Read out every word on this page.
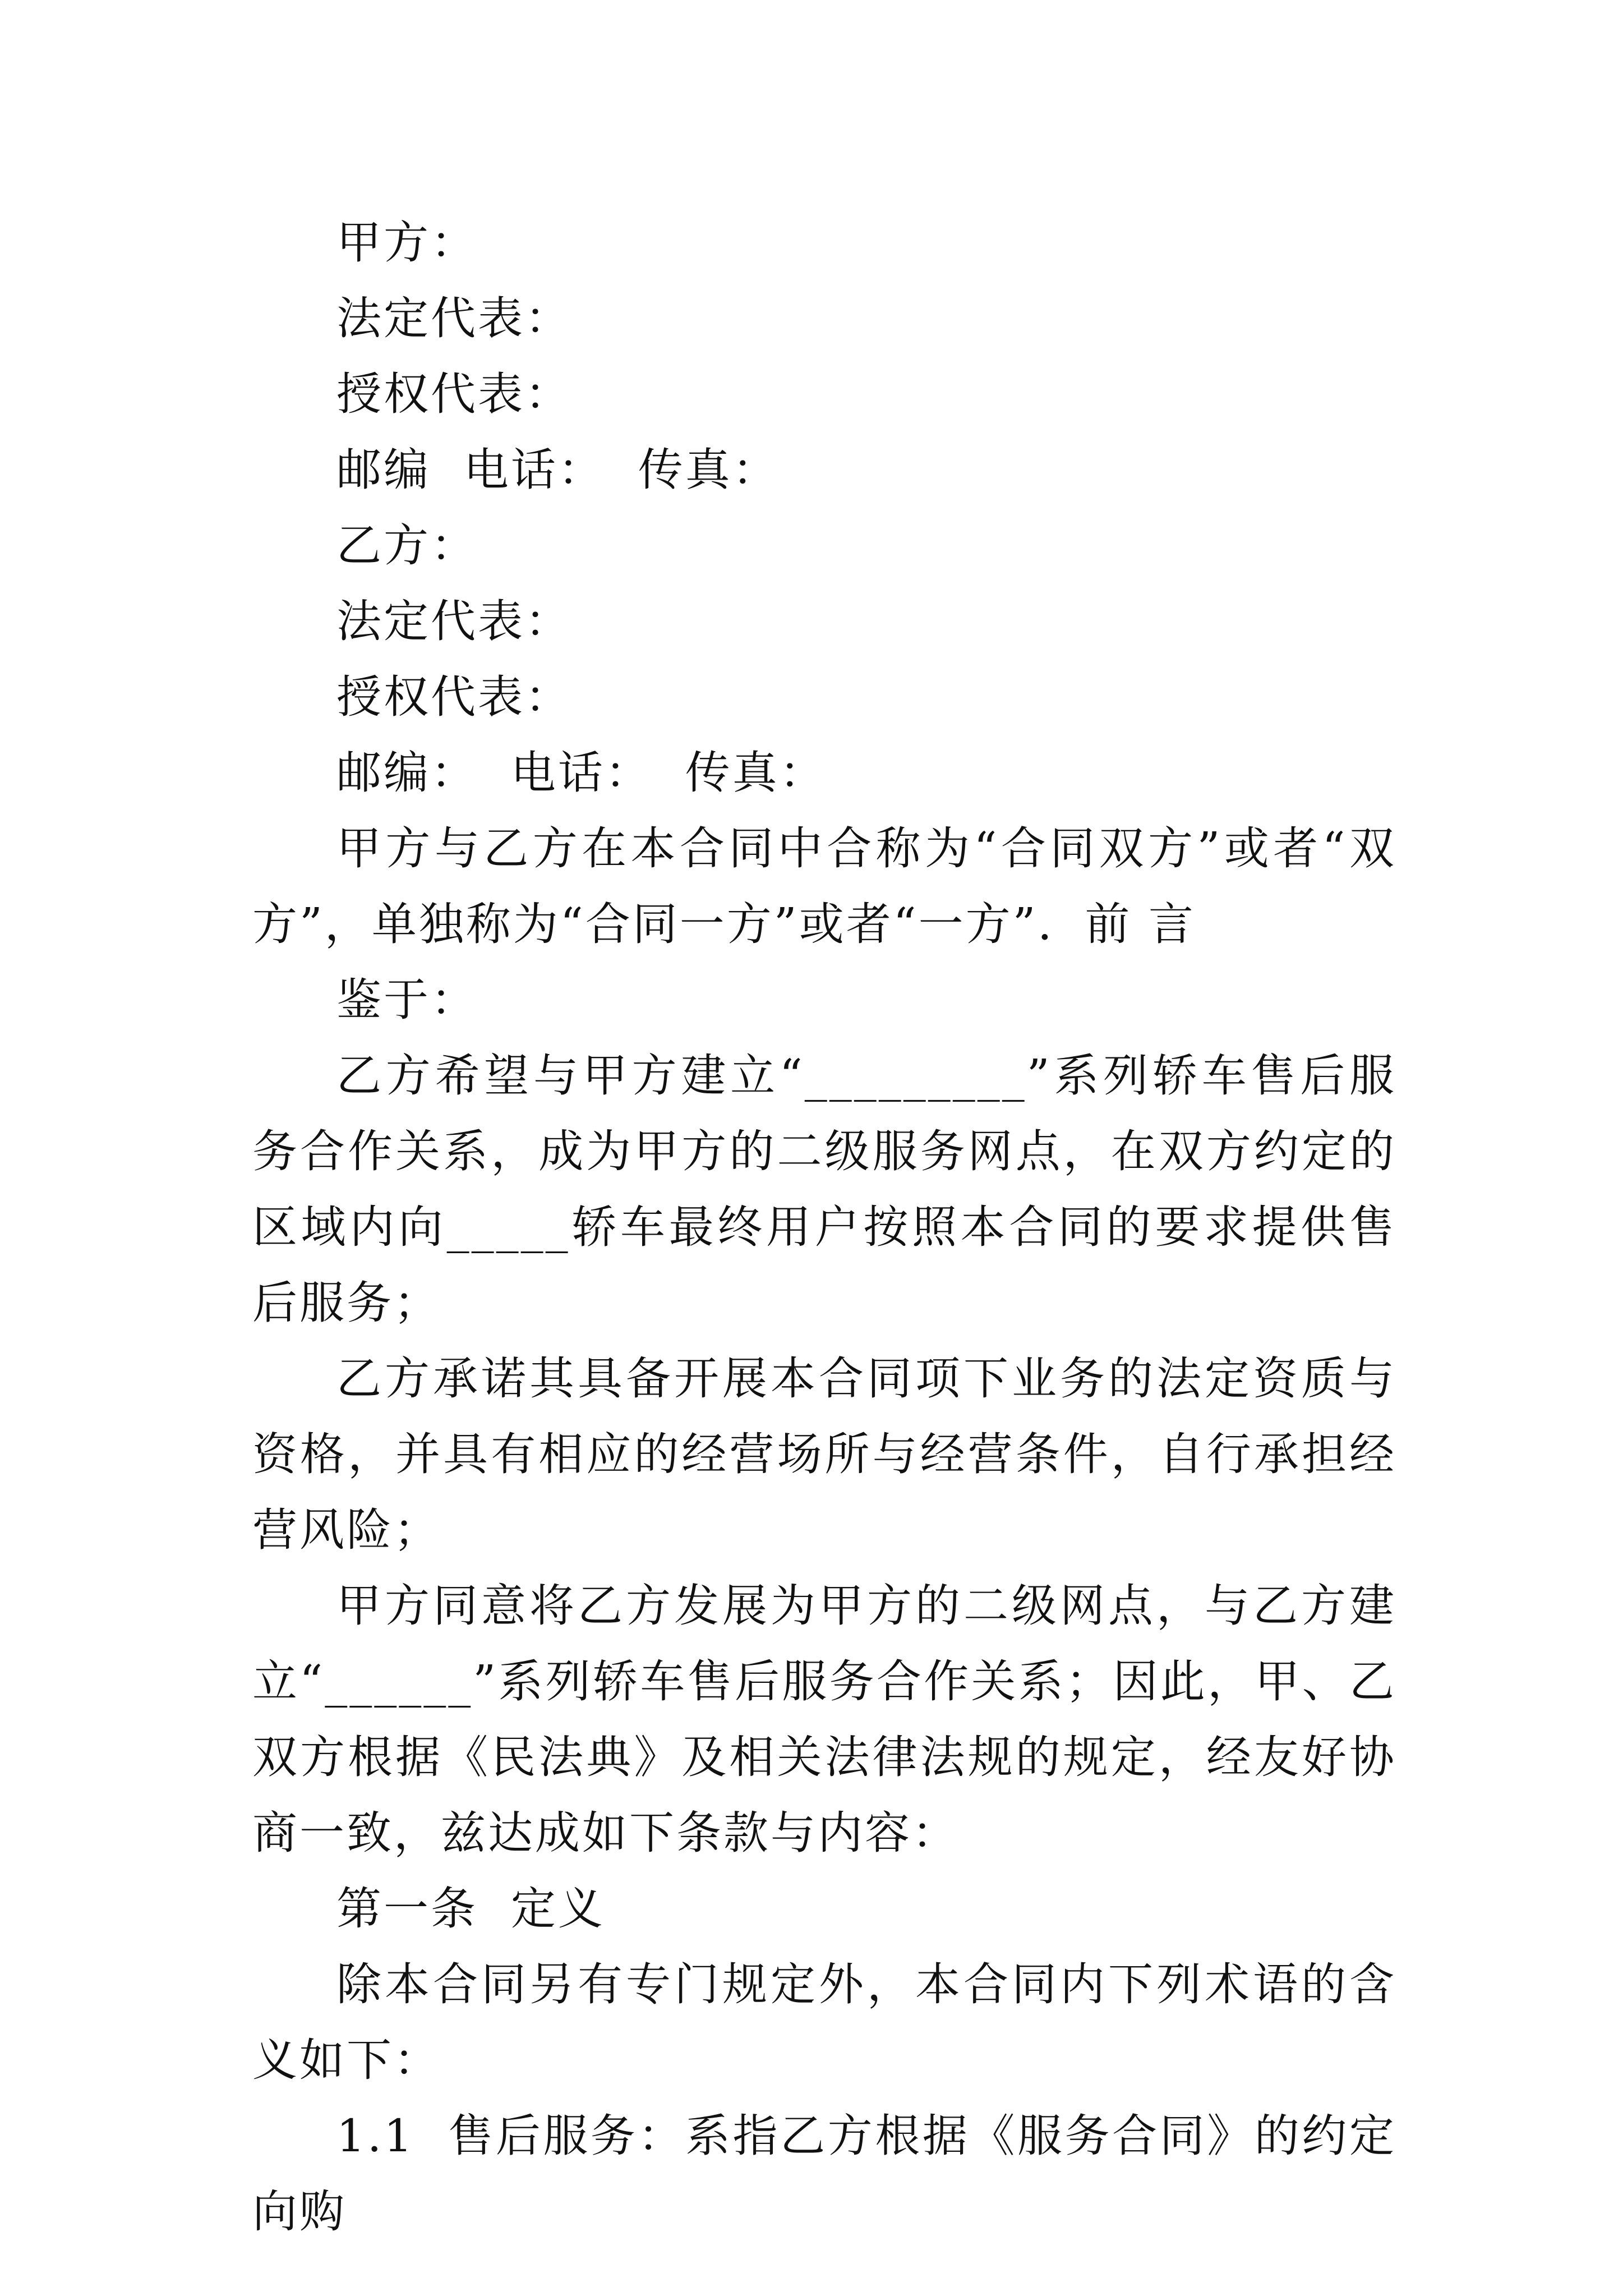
甲方：

法定代表：

授权代表：

邮编  电话：  传真：

乙方：

法定代表：

授权代表：

邮编：  电话：  传真：

甲方与乙方在本合同中合称为“合同双方”或者“双方”，单独称为“合同一方”或者“一方”．前 言

鉴于：

乙方希望与甲方建立“_________”系列轿车售后服务合作关系，成为甲方的二级服务网点，在双方约定的区域内向_____轿车最终用户按照本合同的要求提供售后服务；

乙方承诺其具备开展本合同项下业务的法定资质与资格，并具有相应的经营场所与经营条件，自行承担经营风险；

甲方同意将乙方发展为甲方的二级网点，与乙方建立“______”系列轿车售后服务合作关系；因此，甲、乙双方根据《民法典》及相关法律法规的规定，经友好协商一致，兹达成如下条款与内容：

第一条  定义

除本合同另有专门规定外，本合同内下列术语的含义如下：

1.1  售后服务：系指乙方根据《服务合同》的约定向购
